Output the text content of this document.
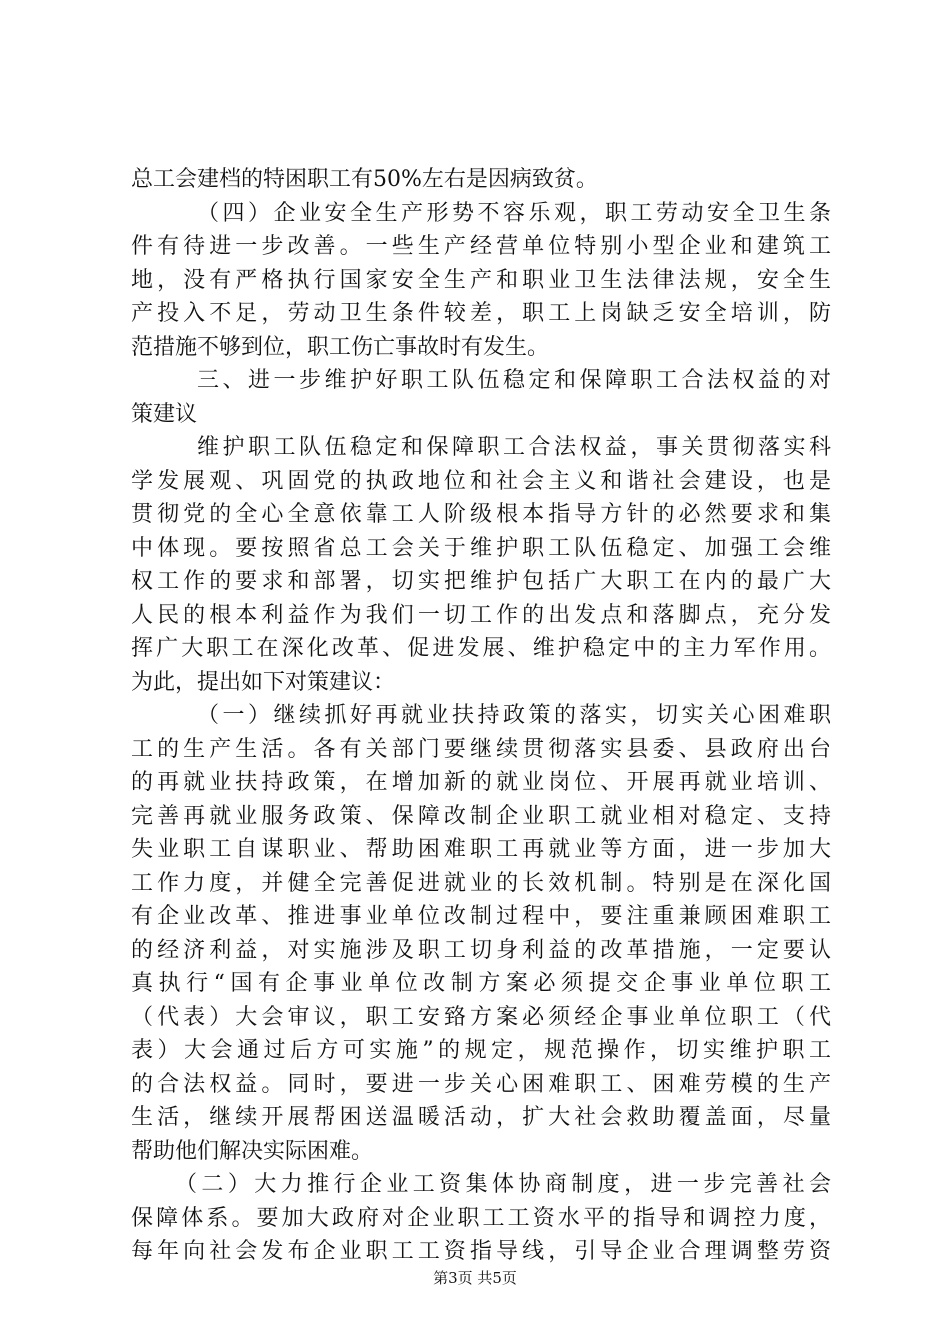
总工会建档的特困职工有50%左右是因病致贫。
（四）企业安全生产形势不容乐观，职工劳动安全卫生条
件有待进一步改善。一些生产经营单位特别小型企业和建筑工
地，没有严格执行国家安全生产和职业卫生法律法规，安全生
产投入不足，劳动卫生条件较差，职工上岗缺乏安全培训，防
范措施不够到位，职工伤亡事故时有发生。
三、进一步维护好职工队伍稳定和保障职工合法权益的对
策建议
维护职工队伍稳定和保障职工合法权益，事关贯彻落实科
学发展观、巩固党的执政地位和社会主义和谐社会建设，也是
贯彻党的全心全意依靠工人阶级根本指导方针的必然要求和集
中体现。要按照省总工会关于维护职工队伍稳定、加强工会维
权工作的要求和部署，切实把维护包括广大职工在内的最广大
人民的根本利益作为我们一切工作的出发点和落脚点，充分发
挥广大职工在深化改革、促进发展、维护稳定中的主力军作用。
为此，提出如下对策建议：
（一）继续抓好再就业扶持政策的落实，切实关心困难职
工的生产生活。各有关部门要继续贯彻落实县委、县政府出台
的再就业扶持政策，在增加新的就业岗位、开展再就业培训、
完善再就业服务政策、保障改制企业职工就业相对稳定、支持
失业职工自谋职业、帮助困难职工再就业等方面，进一步加大
工作力度，并健全完善促进就业的长效机制。特别是在深化国
有企业改革、推进事业单位改制过程中，要注重兼顾困难职工
的经济利益，对实施涉及职工切身利益的改革措施，一定要认
真执行“国有企事业单位改制方案必须提交企事业单位职工
（代表）大会审议，职工安臵方案必须经企事业单位职工（代
表）大会通过后方可实施”的规定，规范操作，切实维护职工
的合法权益。同时，要进一步关心困难职工、困难劳模的生产
生活，继续开展帮困送温暖活动，扩大社会救助覆盖面，尽量
帮助他们解决实际困难。
（二）大力推行企业工资集体协商制度，进一步完善社会
保障体系。要加大政府对企业职工工资水平的指导和调控力度，
每年向社会发布企业职工工资指导线，引导企业合理调整劳资
第3页 共5页
